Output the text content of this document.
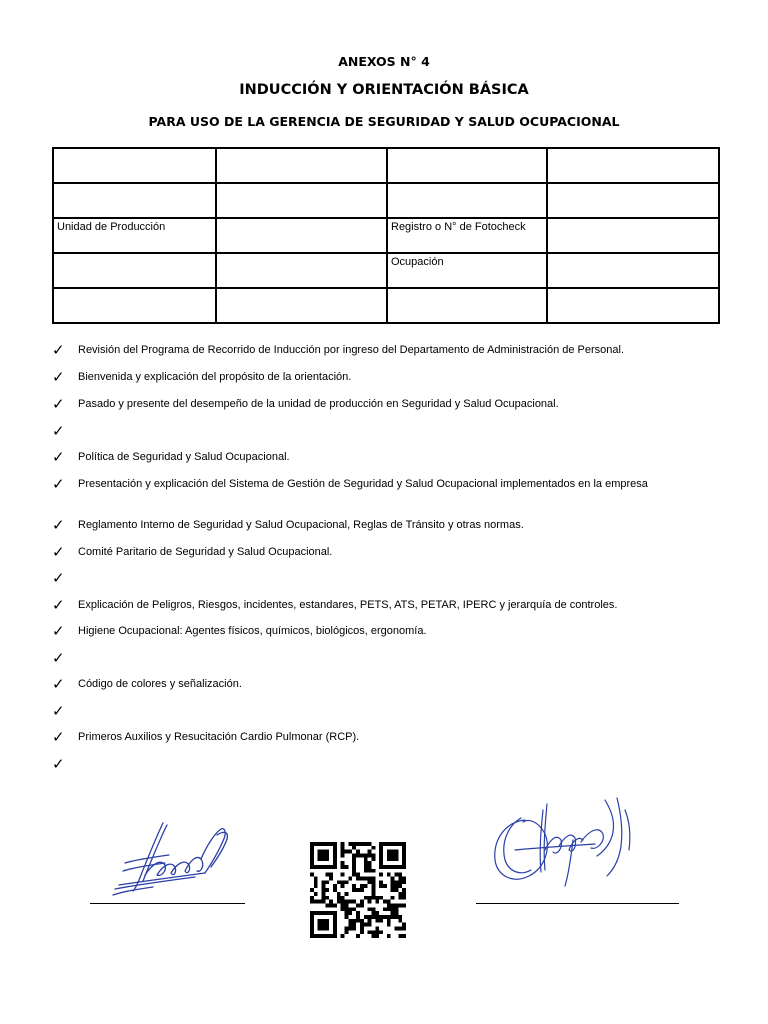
ANEXOS N° 4
INDUCCIÓN Y ORIENTACIÓN BÁSICA
PARA USO DE LA GERENCIA DE SEGURIDAD Y SALUD OCUPACIONAL

Unidad de Producción		Registro o N° de Fotocheck	
		Ocupación	

✓ Revisión del Programa de Recorrido de Inducción por ingreso del Departamento de Administración de Personal.
✓ Bienvenida y explicación del propósito de la orientación.
✓ Pasado y presente del desempeño de la unidad de producción en Seguridad y Salud Ocupacional.
✓
✓ Política de Seguridad y Salud Ocupacional.
✓ Presentación y explicación del Sistema de Gestión de Seguridad y Salud Ocupacional implementados en la empresa
✓ Reglamento Interno de Seguridad y Salud Ocupacional, Reglas de Tránsito y otras normas.
✓ Comité Paritario de Seguridad y Salud Ocupacional.
✓
✓ Explicación de Peligros, Riesgos, incidentes, estandares, PETS, ATS, PETAR, IPERC y jerarquía de controles.
✓ Higiene Ocupacional: Agentes físicos, químicos, biológicos, ergonomía.
✓
✓ Código de colores y señalización.
✓
✓ Primeros Auxilios y Resucitación Cardio Pulmonar (RCP).
✓
